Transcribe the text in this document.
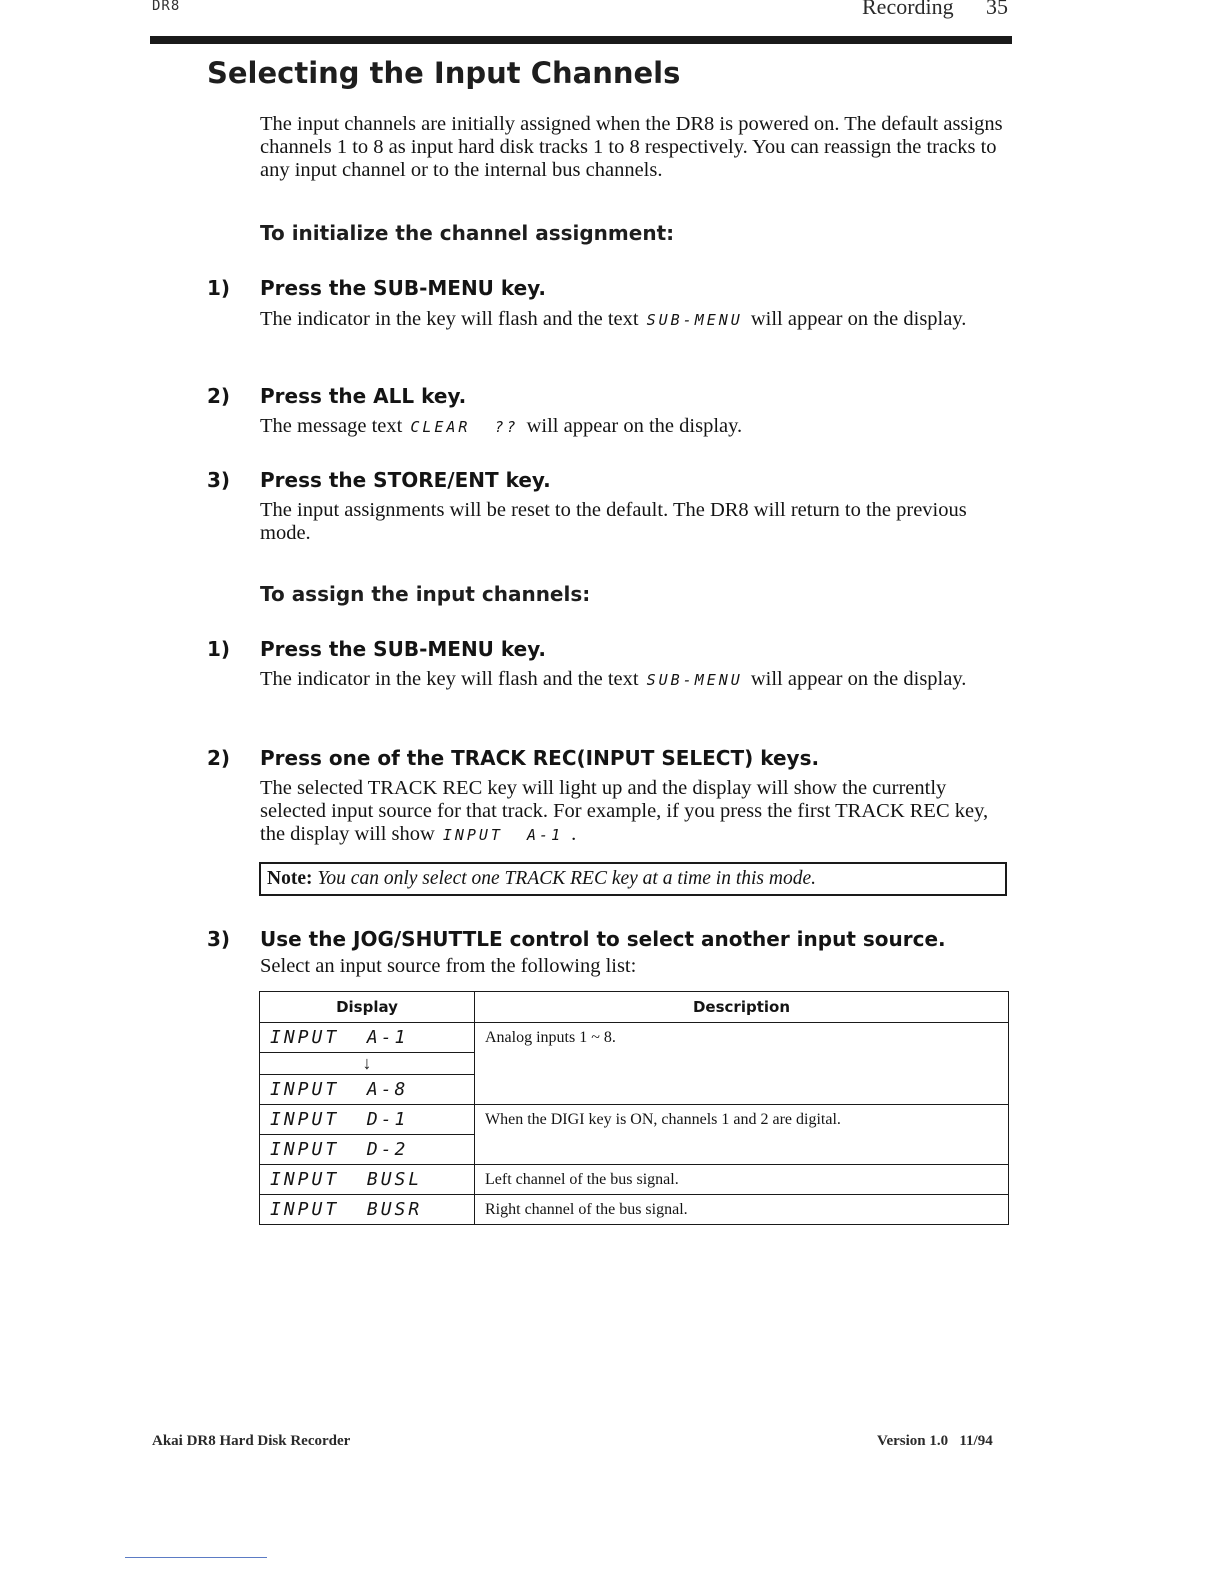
DR8	Recording 35
Selecting the Input Channels
The input channels are initially assigned when the DR8 is powered on. The default assigns channels 1 to 8 as input hard disk tracks 1 to 8 respectively. You can reassign the tracks to any input channel or to the internal bus channels.
To initialize the channel assignment:
1) Press the SUB-MENU key.
The indicator in the key will flash and the text SUB-MENU will appear on the display.
2) Press the ALL key.
The message text CLEAR  ?? will appear on the display.
3) Press the STORE/ENT key.
The input assignments will be reset to the default. The DR8 will return to the previous mode.
To assign the input channels:
1) Press the SUB-MENU key.
The indicator in the key will flash and the text SUB-MENU will appear on the display.
2) Press one of the TRACK REC(INPUT SELECT) keys.
The selected TRACK REC key will light up and the display will show the currently selected input source for that track. For example, if you press the first TRACK REC key, the display will show INPUT  A-1 .
Note: You can only select one TRACK REC key at a time in this mode.
3) Use the JOG/SHUTTLE control to select another input source.
Select an input source from the following list:
Display	Description
INPUT  A-1	Analog inputs 1 ~ 8.
↓	
INPUT  A-8	
INPUT  D-1	When the DIGI key is ON, channels 1 and 2 are digital.
INPUT  D-2	
INPUT  BUSL	Left channel of the bus signal.
INPUT  BUSR	Right channel of the bus signal.
Akai DR8 Hard Disk Recorder	Version 1.0   11/94
